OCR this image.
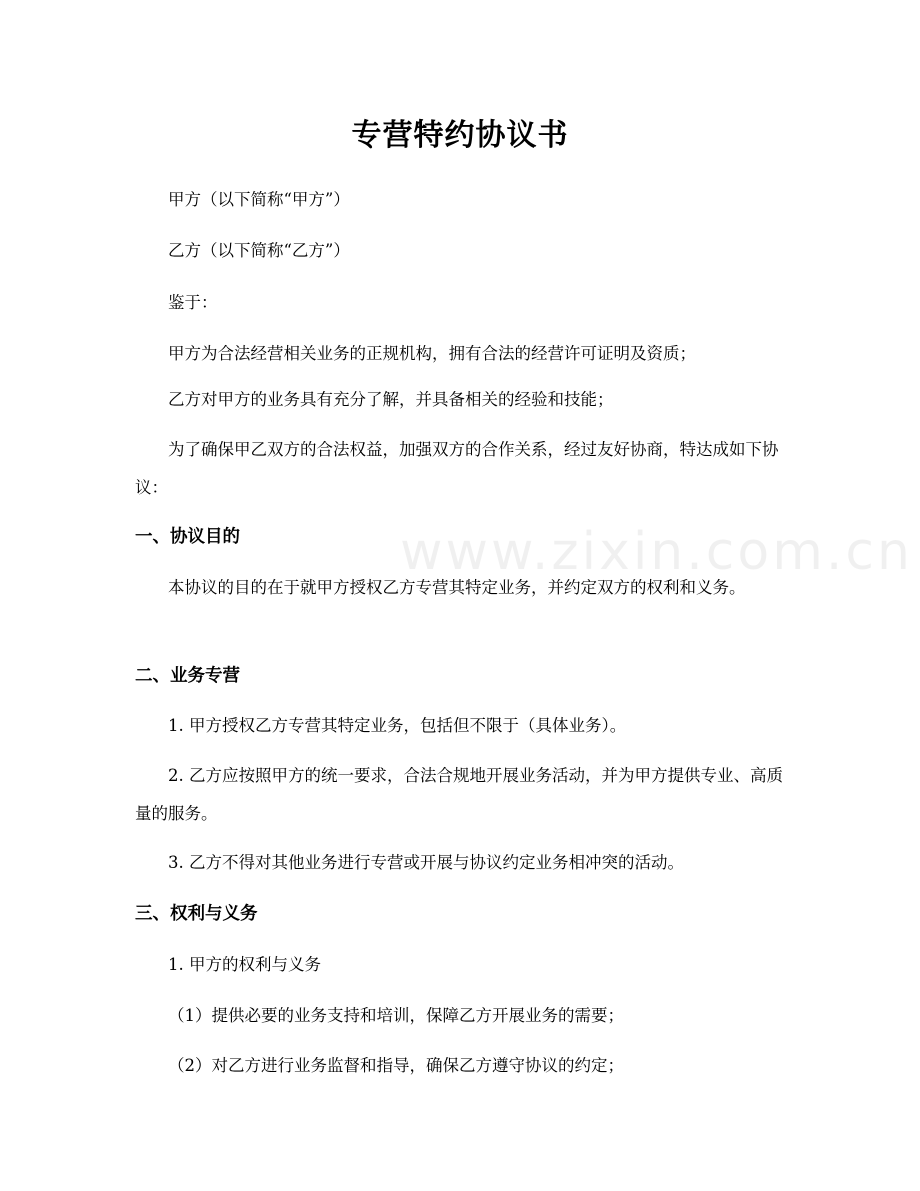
www.zixin.com.cn
专营特约协议书

甲方（以下简称“甲方”）

乙方（以下简称“乙方”）

鉴于：

甲方为合法经营相关业务的正规机构，拥有合法的经营许可证明及资质；

乙方对甲方的业务具有充分了解，并具备相关的经验和技能；

为了确保甲乙双方的合法权益，加强双方的合作关系，经过友好协商，特达成如下协议：

一、协议目的

本协议的目的在于就甲方授权乙方专营其特定业务，并约定双方的权利和义务。

二、业务专营

1. 甲方授权乙方专营其特定业务，包括但不限于（具体业务）。

2. 乙方应按照甲方的统一要求，合法合规地开展业务活动，并为甲方提供专业、高质量的服务。

3. 乙方不得对其他业务进行专营或开展与协议约定业务相冲突的活动。

三、权利与义务

1. 甲方的权利与义务

（1）提供必要的业务支持和培训，保障乙方开展业务的需要；

（2）对乙方进行业务监督和指导，确保乙方遵守协议的约定；
